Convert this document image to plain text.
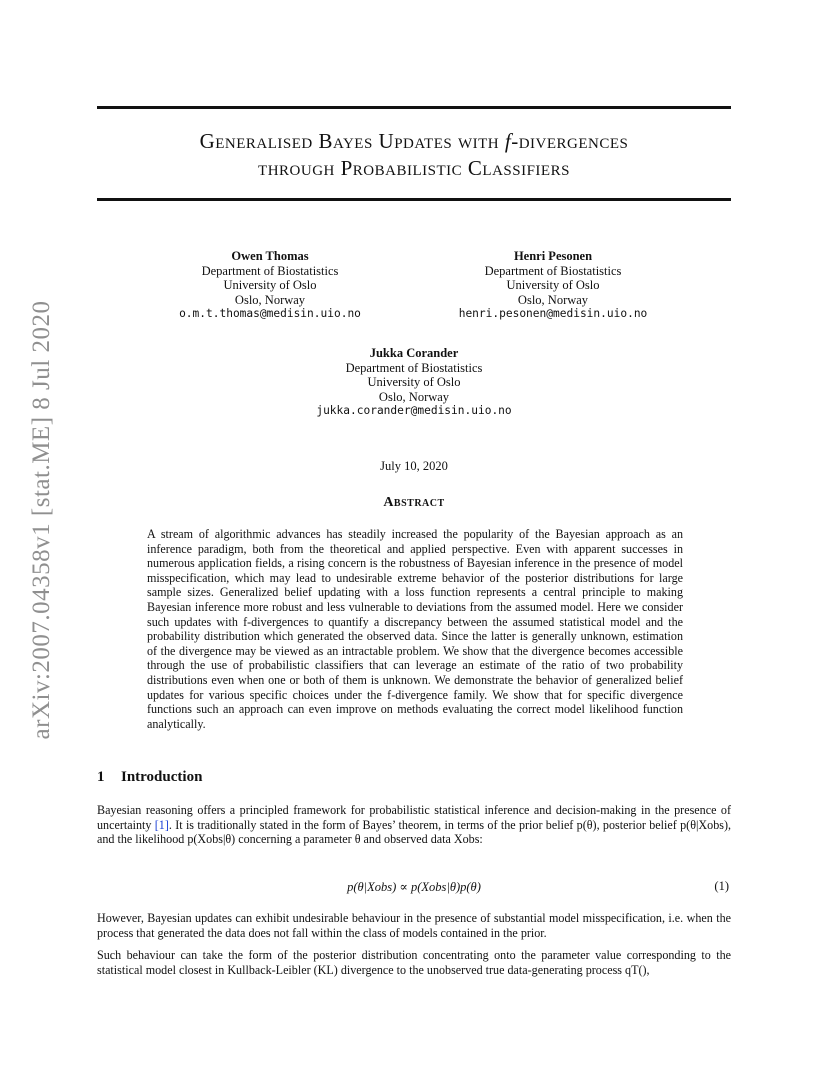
Generalised Bayes Updates with f-divergences
through Probabilistic Classifiers
Owen Thomas
Department of Biostatistics
University of Oslo
Oslo, Norway
o.m.t.thomas@medisin.uio.no
Henri Pesonen
Department of Biostatistics
University of Oslo
Oslo, Norway
henri.pesonen@medisin.uio.no
Jukka Corander
Department of Biostatistics
University of Oslo
Oslo, Norway
jukka.corander@medisin.uio.no
July 10, 2020
Abstract
A stream of algorithmic advances has steadily increased the popularity of the Bayesian approach as an inference paradigm, both from the theoretical and applied perspective. Even with apparent successes in numerous application fields, a rising concern is the robustness of Bayesian inference in the presence of model misspecification, which may lead to undesirable extreme behavior of the posterior distributions for large sample sizes. Generalized belief updating with a loss function represents a central principle to making Bayesian inference more robust and less vulnerable to deviations from the assumed model. Here we consider such updates with f-divergences to quantify a discrepancy between the assumed statistical model and the probability distribution which generated the observed data. Since the latter is generally unknown, estimation of the divergence may be viewed as an intractable problem. We show that the divergence becomes accessible through the use of probabilistic classifiers that can leverage an estimate of the ratio of two probability distributions even when one or both of them is unknown. We demonstrate the behavior of generalized belief updates for various specific choices under the f-divergence family. We show that for specific divergence functions such an approach can even improve on methods evaluating the correct model likelihood function analytically.
1 Introduction
Bayesian reasoning offers a principled framework for probabilistic statistical inference and decision-making in the presence of uncertainty [1]. It is traditionally stated in the form of Bayes’ theorem, in terms of the prior belief p(θ), posterior belief p(θ|Xobs), and the likelihood p(Xobs|θ) concerning a parameter θ and observed data Xobs:
p(θ|Xobs) ∝ p(Xobs|θ)p(θ)	(1)
However, Bayesian updates can exhibit undesirable behaviour in the presence of substantial model misspecification, i.e. when the process that generated the data does not fall within the class of models contained in the prior.
Such behaviour can take the form of the posterior distribution concentrating onto the parameter value corresponding to the statistical model closest in Kullback-Leibler (KL) divergence to the unobserved true data-generating process qT(),
arXiv:2007.04358v1 [stat.ME] 8 Jul 2020
